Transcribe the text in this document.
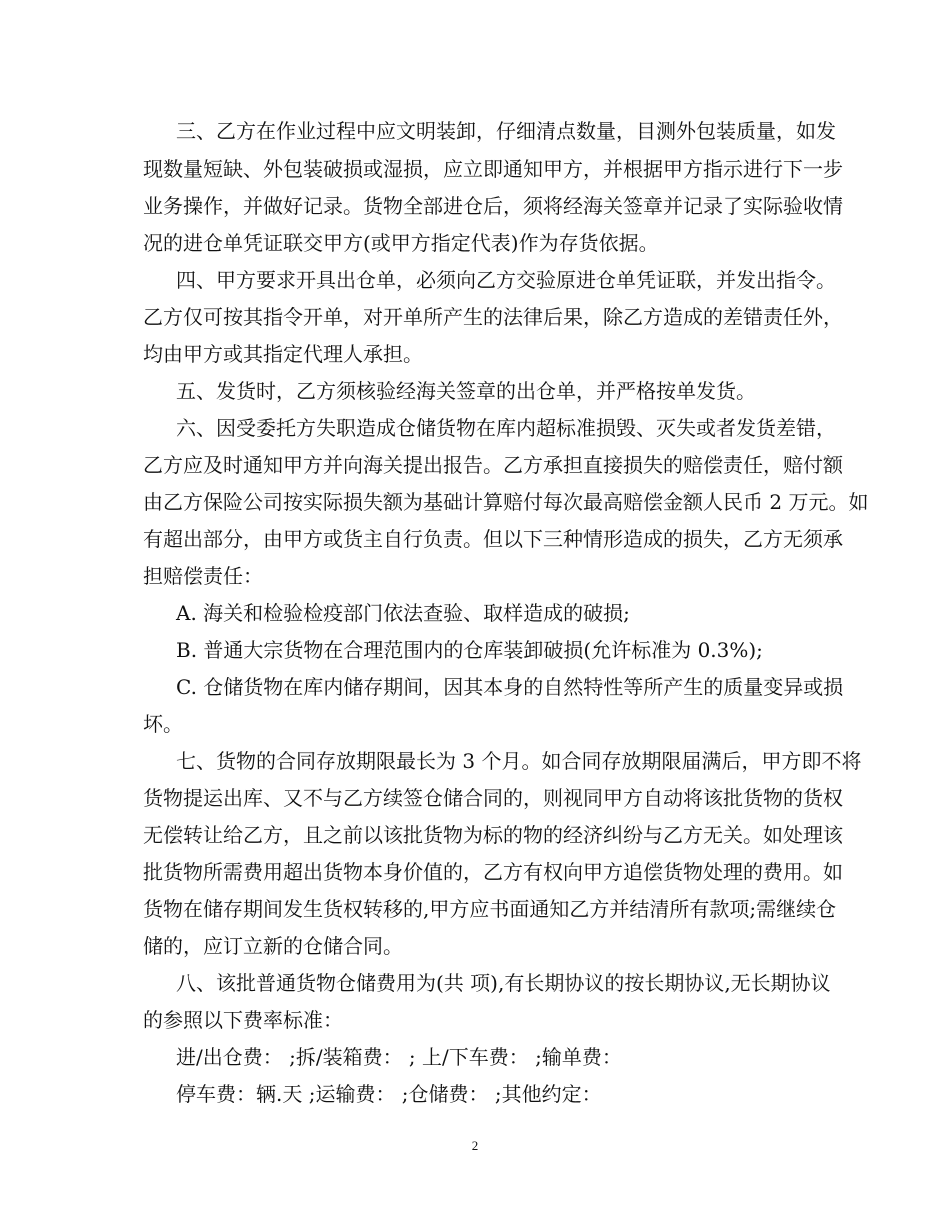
三、乙方在作业过程中应文明装卸，仔细清点数量，目测外包装质量，如发
现数量短缺、外包装破损或湿损，应立即通知甲方，并根据甲方指示进行下一步
业务操作，并做好记录。货物全部进仓后，须将经海关签章并记录了实际验收情
况的进仓单凭证联交甲方(或甲方指定代表)作为存货依据。
四、甲方要求开具出仓单，必须向乙方交验原进仓单凭证联，并发出指令。
乙方仅可按其指令开单，对开单所产生的法律后果，除乙方造成的差错责任外，
均由甲方或其指定代理人承担。
五、发货时，乙方须核验经海关签章的出仓单，并严格按单发货。
六、因受委托方失职造成仓储货物在库内超标准损毁、灭失或者发货差错，
乙方应及时通知甲方并向海关提出报告。乙方承担直接损失的赔偿责任，赔付额
由乙方保险公司按实际损失额为基础计算赔付每次最高赔偿金额人民币 2 万元。如
有超出部分，由甲方或货主自行负责。但以下三种情形造成的损失，乙方无须承
担赔偿责任：
A. 海关和检验检疫部门依法查验、取样造成的破损;
B. 普通大宗货物在合理范围内的仓库装卸破损(允许标准为 0.3%);
C. 仓储货物在库内储存期间，因其本身的自然特性等所产生的质量变异或损
坏。
七、货物的合同存放期限最长为 3 个月。如合同存放期限届满后，甲方即不将
货物提运出库、又不与乙方续签仓储合同的，则视同甲方自动将该批货物的货权
无偿转让给乙方，且之前以该批货物为标的物的经济纠纷与乙方无关。如处理该
批货物所需费用超出货物本身价值的，乙方有权向甲方追偿货物处理的费用。如
货物在储存期间发生货权转移的,甲方应书面通知乙方并结清所有款项;需继续仓
储的，应订立新的仓储合同。
八、该批普通货物仓储费用为(共 项),有长期协议的按长期协议,无长期协议
的参照以下费率标准：
进/出仓费： ;拆/装箱费： ; 上/下车费： ;输单费：
停车费：辆.天 ;运输费： ;仓储费： ;其他约定：
2
